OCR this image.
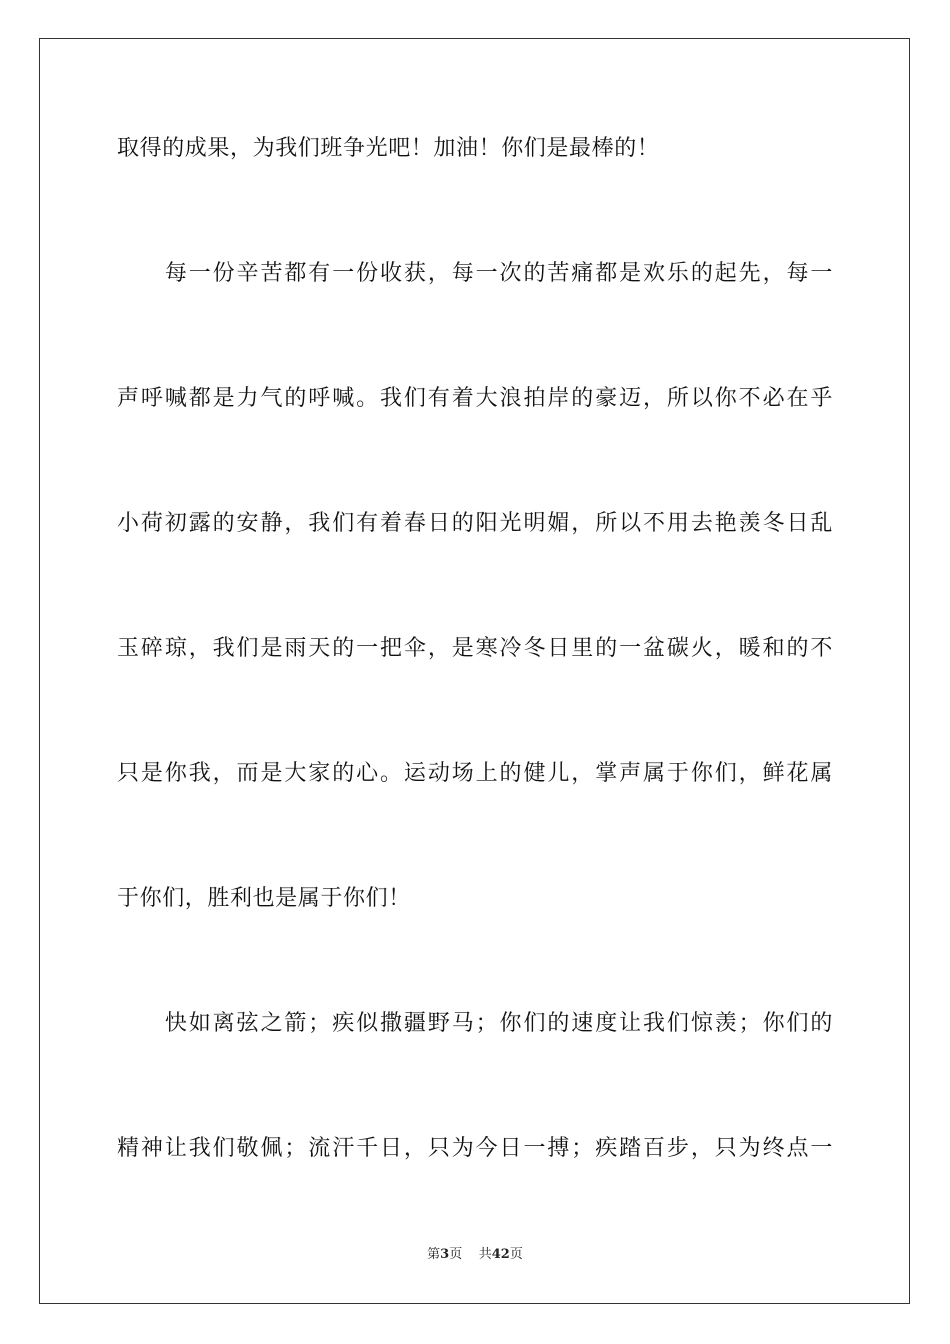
取得的成果，为我们班争光吧！加油！你们是最棒的！
　　每一份辛苦都有一份收获，每一次的苦痛都是欢乐的起先，每一
声呼喊都是力气的呼喊。我们有着大浪拍岸的豪迈，所以你不必在乎
小荷初露的安静，我们有着春日的阳光明媚，所以不用去艳羡冬日乱
玉碎琼，我们是雨天的一把伞，是寒冷冬日里的一盆碳火，暖和的不
只是你我，而是大家的心。运动场上的健儿，掌声属于你们，鲜花属
于你们，胜利也是属于你们！
　　快如离弦之箭；疾似撒疆野马；你们的速度让我们惊羡；你们的
精神让我们敬佩；流汗千日，只为今日一搏；疾踏百步，只为终点一
第3页 共42页
